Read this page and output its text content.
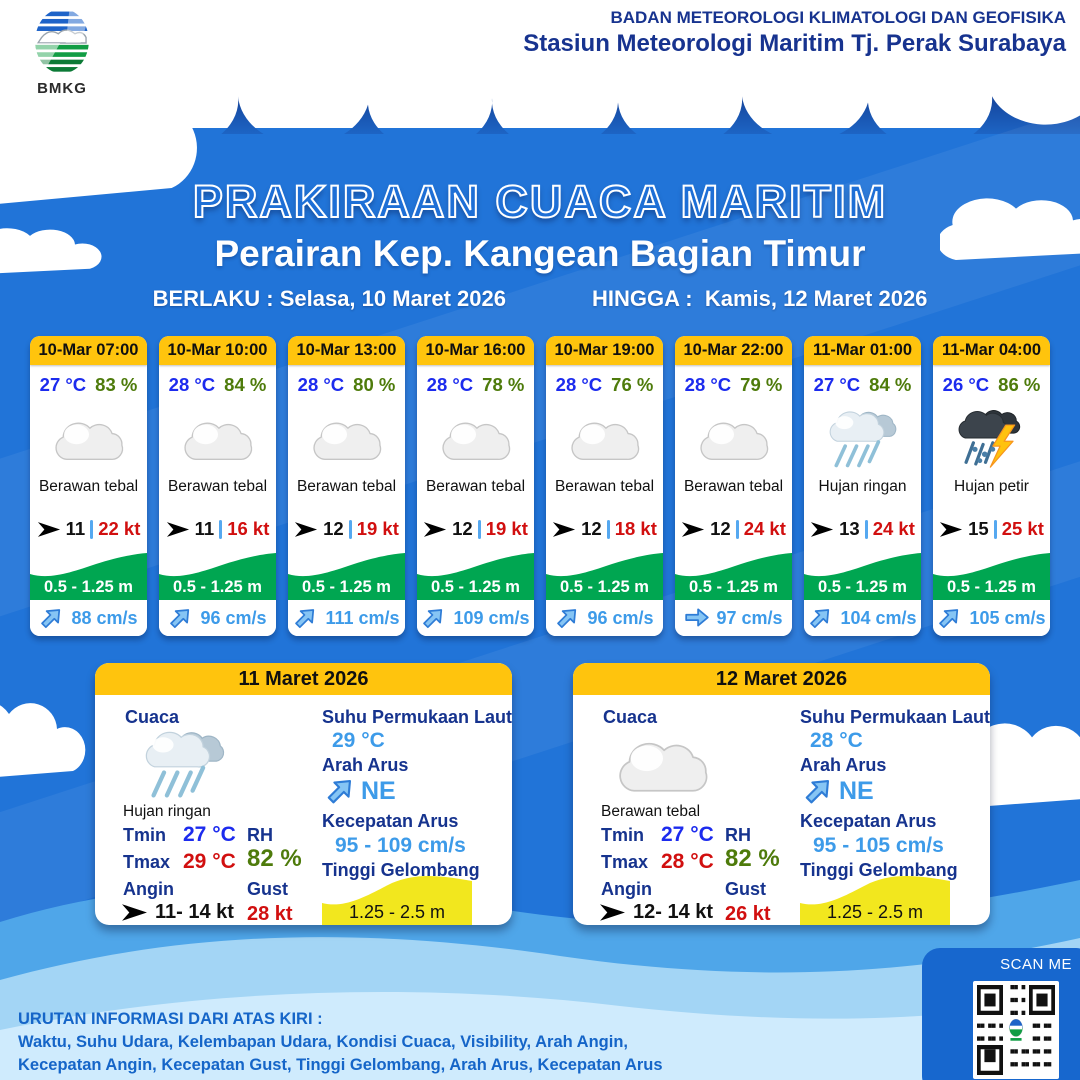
BMKG
BADAN METEOROLOGI KLIMATOLOGI DAN GEOFISIKA
Stasiun Meteorologi Maritim Tj. Perak Surabaya
PRAKIRAAN CUACA MARITIM
Perairan Kep. Kangean Bagian Timur
BERLAKU : Selasa, 10 Maret 2026	HINGGA : Kamis, 12 Maret 2026
10-Mar 07:00
27 °C 83 %
Berawan tebal
11 22 kt
0.5 - 1.25 m
88 cm/s
10-Mar 10:00
28 °C 84 %
Berawan tebal
11 16 kt
0.5 - 1.25 m
96 cm/s
10-Mar 13:00
28 °C 80 %
Berawan tebal
12 19 kt
0.5 - 1.25 m
111 cm/s
10-Mar 16:00
28 °C 78 %
Berawan tebal
12 19 kt
0.5 - 1.25 m
109 cm/s
10-Mar 19:00
28 °C 76 %
Berawan tebal
12 18 kt
0.5 - 1.25 m
96 cm/s
10-Mar 22:00
28 °C 79 %
Berawan tebal
12 24 kt
0.5 - 1.25 m
97 cm/s
11-Mar 01:00
27 °C 84 %
Hujan ringan
13 24 kt
0.5 - 1.25 m
104 cm/s
11-Mar 04:00
26 °C 86 %
Hujan petir
15 25 kt
0.5 - 1.25 m
105 cm/s
11 Maret 2026
Cuaca
Hujan ringan
Tmin 27 °C
Tmax 29 °C
Angin
11- 14 kt
RH
82 %
Gust
28 kt
Suhu Permukaan Laut
29 °C
Arah Arus
NE
Kecepatan Arus
95 - 109 cm/s
Tinggi Gelombang
1.25 - 2.5 m
12 Maret 2026
Cuaca
Berawan tebal
Tmin 27 °C
Tmax 28 °C
Angin
12- 14 kt
RH
82 %
Gust
26 kt
Suhu Permukaan Laut
28 °C
Arah Arus
NE
Kecepatan Arus
95 - 105 cm/s
Tinggi Gelombang
1.25 - 2.5 m
URUTAN INFORMASI DARI ATAS KIRI :
Waktu, Suhu Udara, Kelembapan Udara, Kondisi Cuaca, Visibility, Arah Angin,
Kecepatan Angin, Kecepatan Gust, Tinggi Gelombang, Arah Arus, Kecepatan Arus
SCAN ME
